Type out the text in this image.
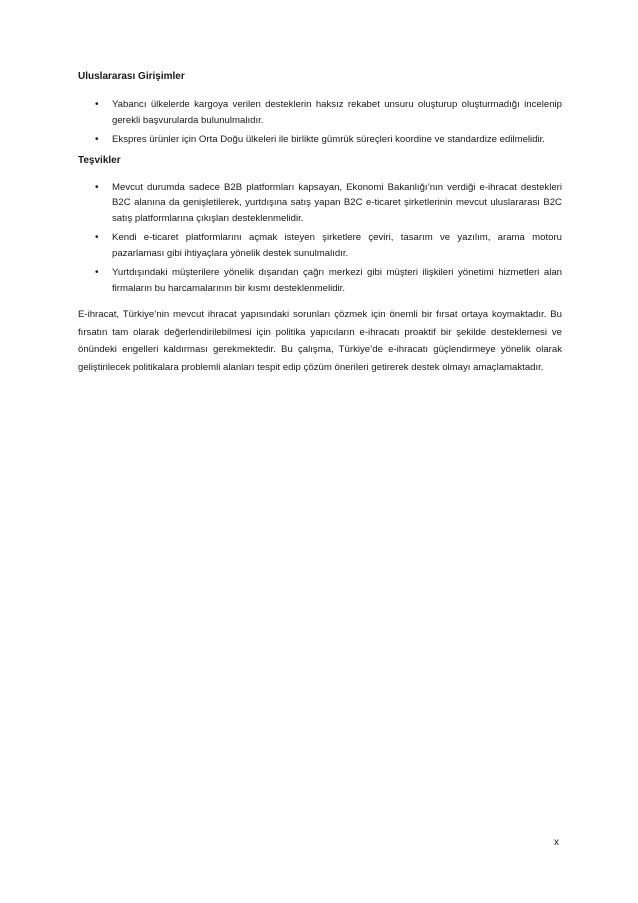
Uluslararası Girişimler
• Yabancı ülkelerde kargoya verilen desteklerin haksız rekabet unsuru oluşturup oluşturmadığı incelenip gerekli başvurularda bulunulmalıdır.
• Ekspres ürünler için Orta Doğu ülkeleri ile birlikte gümrük süreçleri koordine ve standardize edilmelidir.
Teşvikler
• Mevcut durumda sadece B2B platformları kapsayan, Ekonomi Bakanlığı’nın verdiği e-ihracat destekleri B2C alanına da genişletilerek, yurtdışına satış yapan B2C e-ticaret şirketlerinin mevcut uluslararası B2C satış platformlarına çıkışları desteklenmelidir.
• Kendi e-ticaret platformlarını açmak isteyen şirketlere çeviri, tasarım ve yazılım, arama motoru pazarlaması gibi ihtiyaçlara yönelik destek sunulmalıdır.
• Yurtdışındaki müşterilere yönelik dışarıdan çağrı merkezi gibi müşteri ilişkileri yönetimi hizmetleri alan firmaların bu harcamalarının bir kısmı desteklenmelidir.

E-ihracat, Türkiye’nin mevcut ihracat yapısındaki sorunları çözmek için önemli bir fırsat ortaya koymaktadır. Bu fırsatın tam olarak değerlendirilebilmesi için politika yapıcıların e-ihracatı proaktif bir şekilde desteklemesi ve önündeki engelleri kaldırması gerekmektedir. Bu çalışma, Türkiye’de e-ihracatı güçlendirmeye yönelik olarak geliştirilecek politikalara problemli alanları tespit edip çözüm önerileri getirerek destek olmayı amaçlamaktadır.

x
